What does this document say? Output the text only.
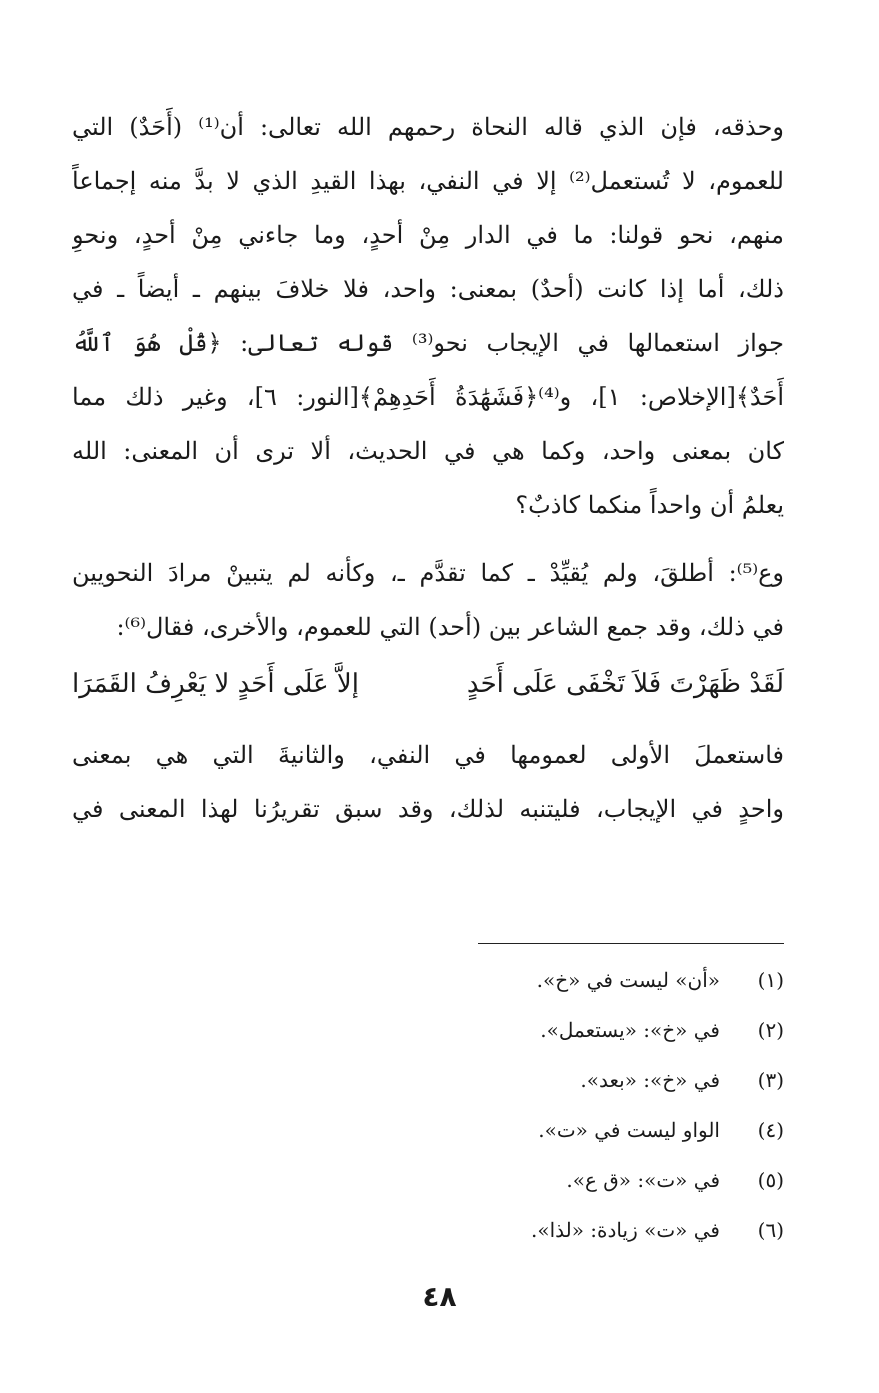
وحذقه، فإن الذي قاله النحاة رحمهم الله تعالى: أن⁽¹⁾ (أَحَدٌ) التي
للعموم، لا تُستعمل⁽²⁾ إلا في النفي، بهذا القيدِ الذي لا بدَّ منه إجماعاً
منهم، نحو قولنا: ما في الدار مِنْ أحدٍ، وما جاءني مِنْ أحدٍ، ونحوِ
ذلك، أما إذا كانت (أحدٌ) بمعنى: واحد، فلا خلافَ بينهم ـ أيضاً ـ في
جواز استعمالها في الإيجاب نحو⁽³⁾ قوله تعالى: ﴿قُلْ هُوَ ٱللَّهُ
أَحَدٌ﴾[الإخلاص: ١]، و⁽⁴⁾﴿فَشَهَٰدَةُ أَحَدِهِمْ﴾[النور: ٦]، وغير ذلك مما
كان بمعنى واحد، وكما هي في الحديث، ألا ترى أن المعنى: الله
يعلمُ أن واحداً منكما كاذبٌ؟
وع⁽⁵⁾: أطلقَ، ولم يُقيِّدْ ـ كما تقدَّم ـ، وكأنه لم يتبينْ مرادَ النحويين
في ذلك، وقد جمع الشاعر بين (أحد) التي للعموم، والأخرى، فقال⁽⁶⁾:
لَقَدْ ظَهَرْتَ فَلاَ تَخْفَى عَلَى أَحَدٍ
إلاَّ عَلَى أَحَدٍ لا يَعْرِفُ القَمَرَا
فاستعملَ الأولى لعمومها في النفي، والثانيةَ التي هي بمعنى
واحدٍ في الإيجاب، فليتنبه لذلك، وقد سبق تقريرُنا لهذا المعنى في
(١)
«أن» ليست في «خ».
(٢)
في «خ»: «يستعمل».
(٣)
في «خ»: «بعد».
(٤)
الواو ليست في «ت».
(٥)
في «ت»: «ق ع».
(٦)
في «ت» زيادة: «لذا».
٤٨
